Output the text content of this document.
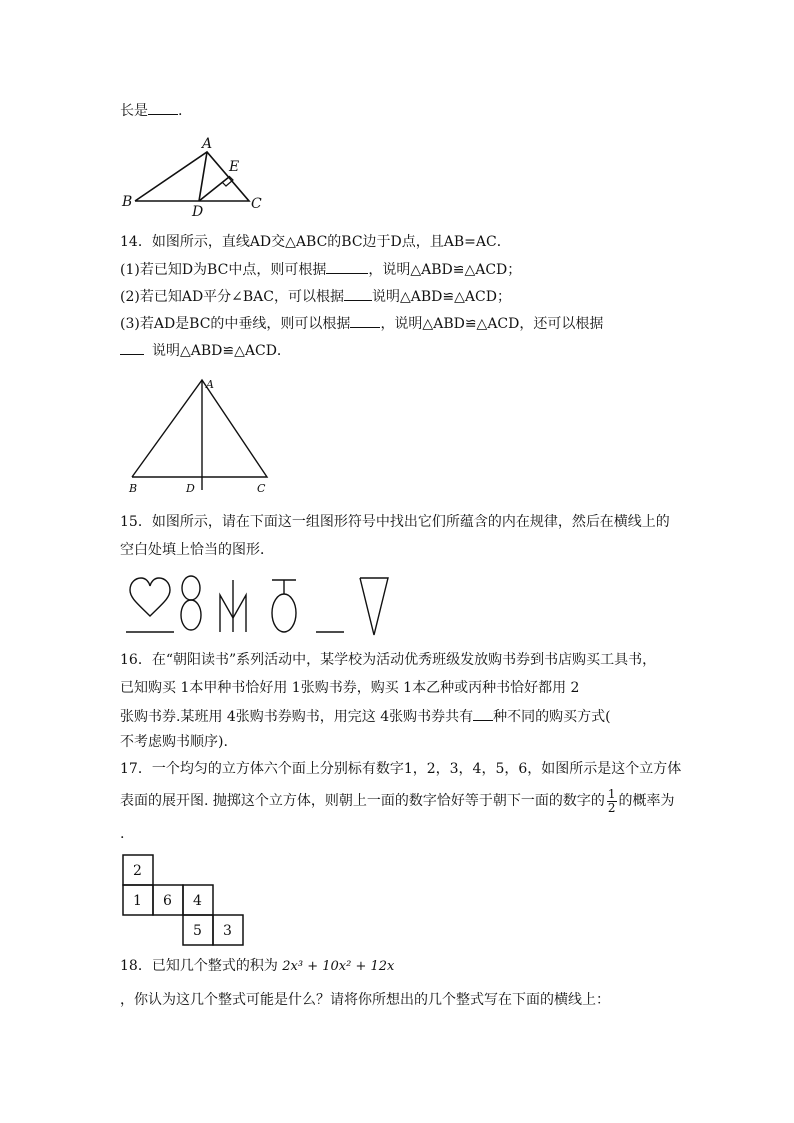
长是 .
A
B	C
D
E
14．如图所示，直线AD交△ABC的BC边于D点，且AB=AC．
(1)若已知D为BC中点，则可根据	，说明△ABD≌△ACD；
(2)若已知AD平分∠BAC，可以根据 说明△ABD≌△ACD；
(3)若AD是BC的中垂线，则可以根据 ，说明△ABD≌△ACD，还可以根据
说明△ABD≌△ACD．
A
B	D	C
15．如图所示，请在下面这一组图形符号中找出它们所蕴含的内在规律，然后在横线上的
空白处填上恰当的图形．
16．在“朝阳读书”系列活动中，某学校为活动优秀班级发放购书券到书店购买工具书，
已知购买 1本甲种书恰好用 1张购书券，购买 1本乙种或丙种书恰好都用 2
张购书券.某班用 4张购书券购书，用完这 4张购书券共有 种不同的购买方式(
不考虑购书顺序).
17．一个均匀的立方体六个面上分别标有数字1，2，3，4，5，6，如图所示是这个立方体
表面的展开图. 抛掷这个立方体，则朝上一面的数字恰好等于朝下一面的数字的 $\frac{1}{2}$ 的概率为
.
2
1 6 4
5 3
18．已知几个整式的积为 2x³ + 10x² + 12x
，你认为这几个整式可能是什么？请将你所想出的几个整式写在下面的横线上：
